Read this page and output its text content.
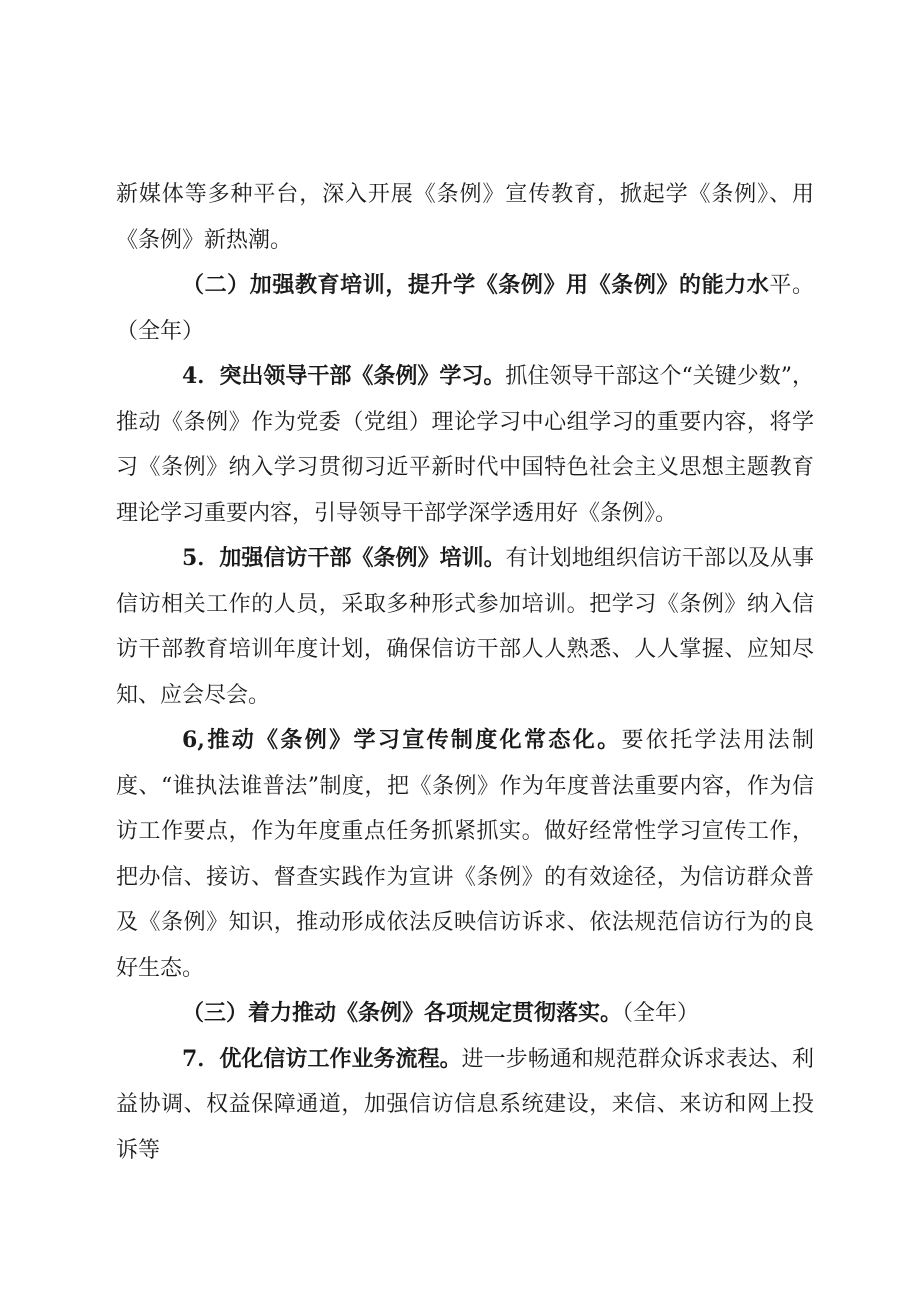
新媒体等多种平台，深入开展《条例》宣传教育，掀起学《条例》、用《条例》新热潮。

（二）加强教育培训，提升学《条例》用《条例》的能力水平。（全年）

4．突出领导干部《条例》学习。抓住领导干部这个“关键少数”，推动《条例》作为党委（党组）理论学习中心组学习的重要内容，将学习《条例》纳入学习贯彻习近平新时代中国特色社会主义思想主题教育理论学习重要内容，引导领导干部学深学透用好《条例》。

5．加强信访干部《条例》培训。有计划地组织信访干部以及从事信访相关工作的人员，采取多种形式参加培训。把学习《条例》纳入信访干部教育培训年度计划，确保信访干部人人熟悉、人人掌握、应知尽知、应会尽会。

6,推动《条例》学习宣传制度化常态化。要依托学法用法制度、“谁执法谁普法”制度，把《条例》作为年度普法重要内容，作为信访工作要点，作为年度重点任务抓紧抓实。做好经常性学习宣传工作，把办信、接访、督查实践作为宣讲《条例》的有效途径，为信访群众普及《条例》知识，推动形成依法反映信访诉求、依法规范信访行为的良好生态。

（三）着力推动《条例》各项规定贯彻落实。（全年）

7．优化信访工作业务流程。进一步畅通和规范群众诉求表达、利益协调、权益保障通道，加强信访信息系统建设，来信、来访和网上投诉等
